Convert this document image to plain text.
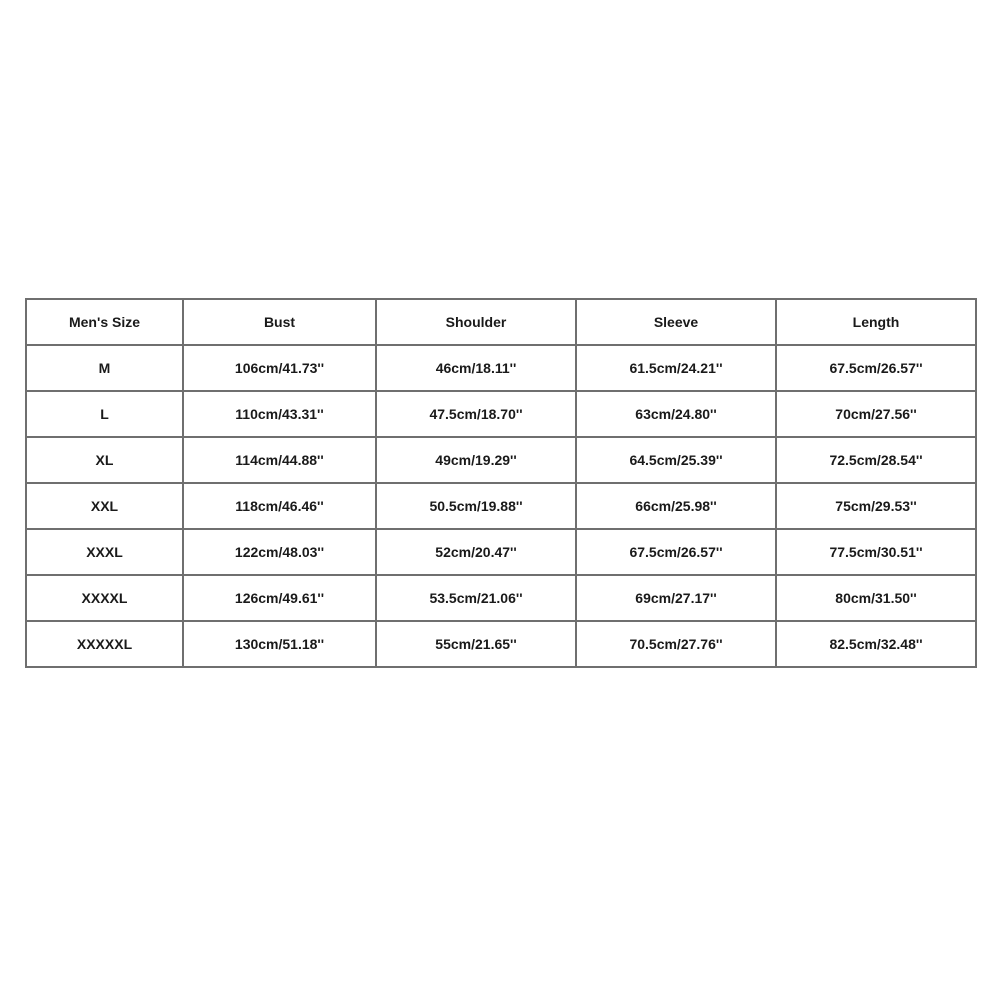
Men's Size	Bust	Shoulder	Sleeve	Length
M	106cm/41.73''	46cm/18.11''	61.5cm/24.21''	67.5cm/26.57''
L	110cm/43.31''	47.5cm/18.70''	63cm/24.80''	70cm/27.56''
XL	114cm/44.88''	49cm/19.29''	64.5cm/25.39''	72.5cm/28.54''
XXL	118cm/46.46''	50.5cm/19.88''	66cm/25.98''	75cm/29.53''
XXXL	122cm/48.03''	52cm/20.47''	67.5cm/26.57''	77.5cm/30.51''
XXXXL	126cm/49.61''	53.5cm/21.06''	69cm/27.17''	80cm/31.50''
XXXXXL	130cm/51.18''	55cm/21.65''	70.5cm/27.76''	82.5cm/32.48''
